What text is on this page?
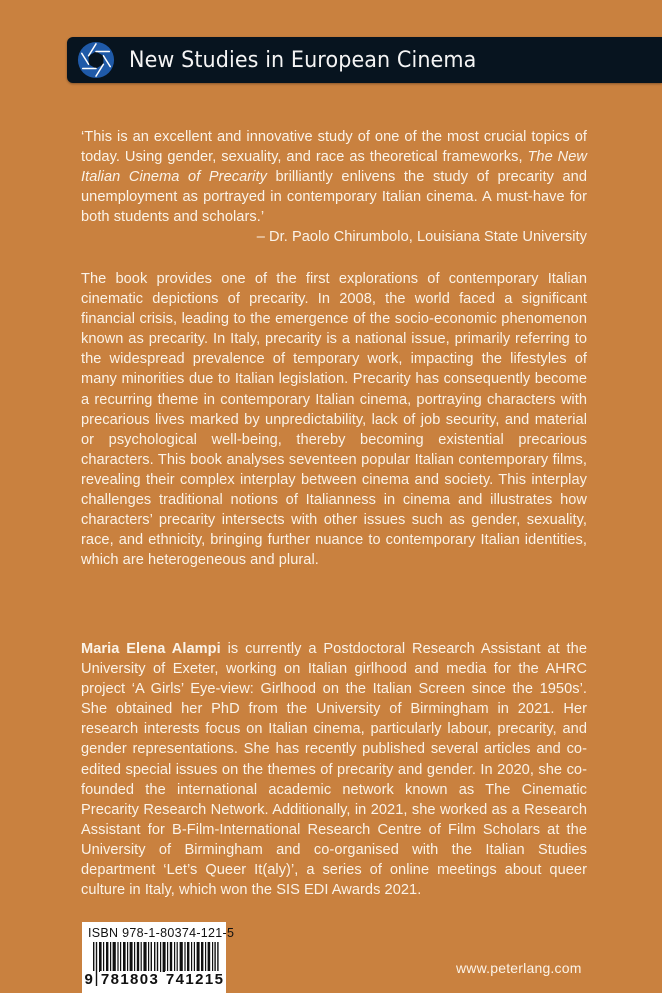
New Studies in European Cinema
‘This is an excellent and innovative study of one of the most crucial topics of today. Using gender, sexuality, and race as theoretical frameworks, The New Italian Cinema of Precarity brilliantly enlivens the study of precarity and unemployment as portrayed in contemporary Italian cinema. A must-have for both students and scholars.’
– Dr. Paolo Chirumbolo, Louisiana State University
The book provides one of the first explorations of contemporary Italian cinematic depictions of precarity. In 2008, the world faced a significant financial crisis, leading to the emergence of the socio-economic phenomenon known as precarity. In Italy, precarity is a national issue, primarily referring to the widespread prevalence of temporary work, impacting the lifestyles of many minorities due to Italian legislation. Precarity has consequently become a recurring theme in contemporary Italian cinema, portraying characters with precarious lives marked by unpredictability, lack of job security, and material or psychological well-being, thereby becoming existential precarious characters. This book analyses seventeen popular Italian contemporary films, revealing their complex interplay between cinema and society. This interplay challenges traditional notions of Italianness in cinema and illustrates how characters’ precarity intersects with other issues such as gender, sexuality, race, and ethnicity, bringing further nuance to contemporary Italian identities, which are heterogeneous and plural.
Maria Elena Alampi is currently a Postdoctoral Research Assistant at the University of Exeter, working on Italian girlhood and media for the AHRC project ‘A Girls’ Eye-view: Girlhood on the Italian Screen since the 1950s’. She obtained her PhD from the University of Birmingham in 2021. Her research interests focus on Italian cinema, particularly labour, precarity, and gender representations. She has recently published several articles and co-edited special issues on the themes of precarity and gender. In 2020, she co-founded the international academic network known as The Cinematic Precarity Research Network. Additionally, in 2021, she worked as a Research Assistant for B-Film-International Research Centre of Film Scholars at the University of Birmingham and co-organised with the Italian Studies department ‘Let’s Queer It(aly)’, a series of online meetings about queer culture in Italy, which won the SIS EDI Awards 2021.
ISBN 978-1-80374-121-5
9 781803 741215
www.peterlang.com
